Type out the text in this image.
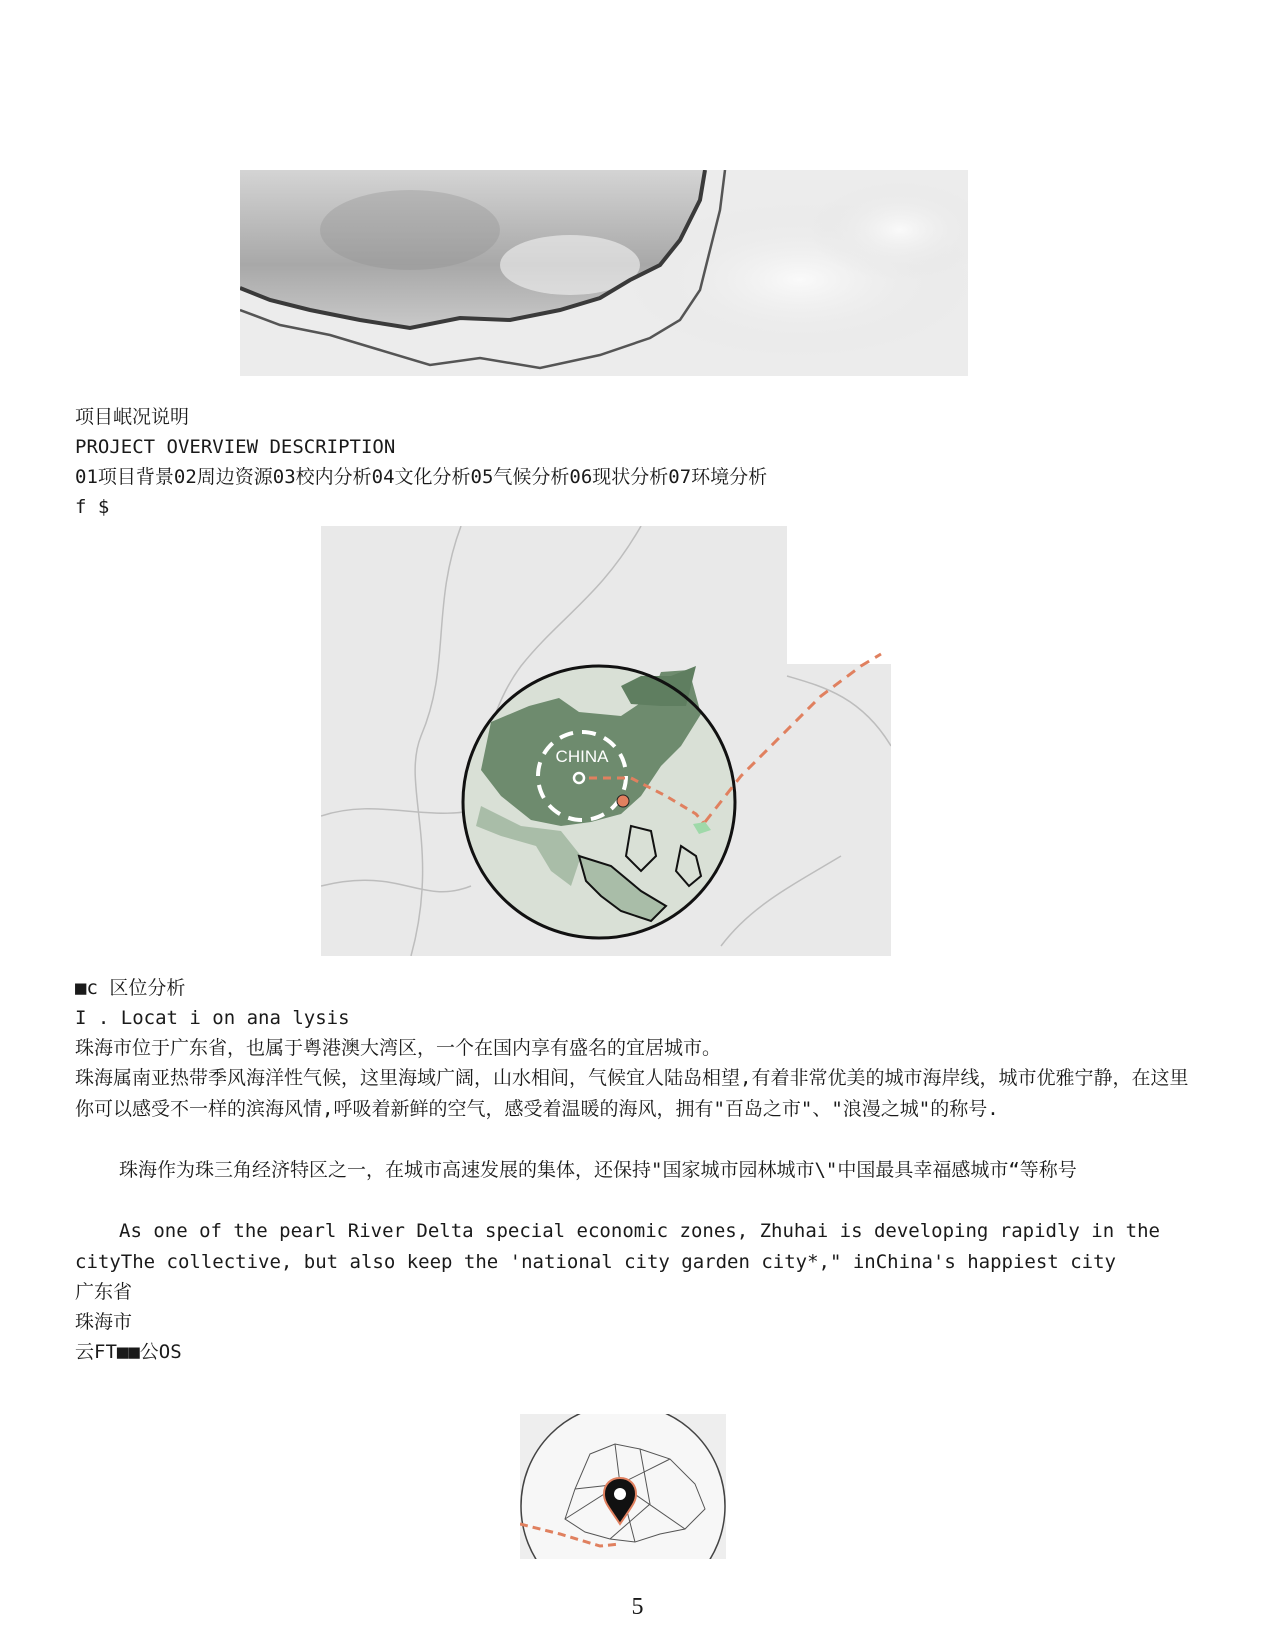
项目岷况说明
PROJECT OVERVIEW DESCRIPTION
01项目背景02周边资源03校内分析04文化分析05气候分析06现状分析07环境分析
f $
CHINA
■c 区位分析
I . Locat i on ana lysis
珠海市位于广东省，也属于粤港澳大湾区，一个在国内享有盛名的宜居城市。
珠海属南亚热带季风海洋性气候，这里海域广阔，山水相间，气候宜人陆岛相望,有着非常优美的城市海岸线，城市优雅宁静，在这里你可以感受不一样的滨海风情,呼吸着新鲜的空气，感受着温暖的海风，拥有"百岛之市"、"浪漫之城"的称号.
珠海作为珠三角经济特区之一，在城市高速发展的集体，还保持"国家城市园林城市\"中国最具幸福感城市“等称号
As one of the pearl River Delta special economic zones, Zhuhai is developing rapidly in the cityThe collective, but also keep the 'national city garden city*," inChina's happiest city
广东省
珠海市
云FT■■公OS
5
